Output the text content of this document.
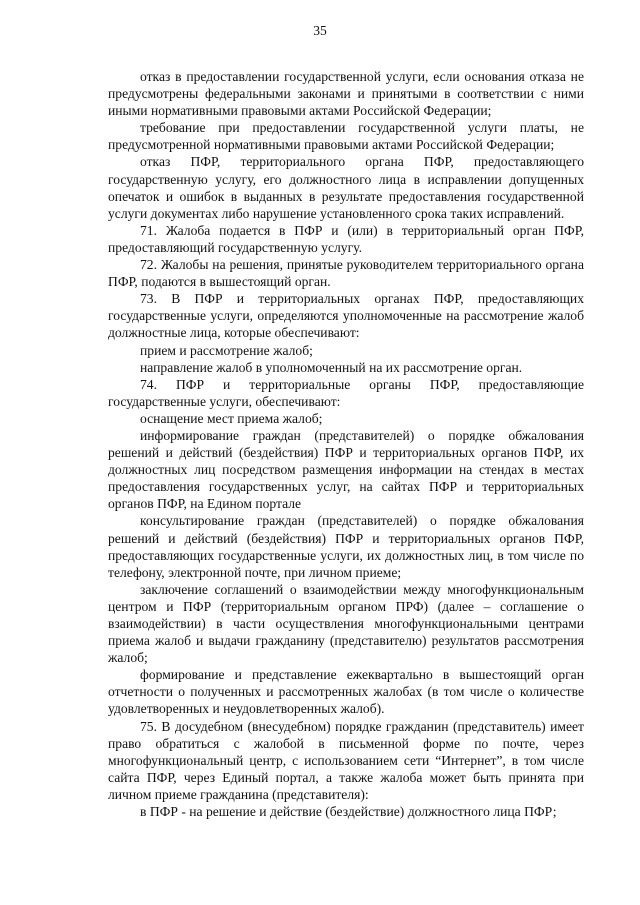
35

отказ в предоставлении государственной услуги, если основания отказа не предусмотрены федеральными законами и принятыми в соответствии с ними иными нормативными правовыми актами Российской Федерации;

требование при предоставлении государственной услуги платы, не предусмотренной нормативными правовыми актами Российской Федерации;

отказ ПФР, территориального органа ПФР, предоставляющего государственную услугу, его должностного лица в исправлении допущенных опечаток и ошибок в выданных в результате предоставления государственной услуги документах либо нарушение установленного срока таких исправлений.

71. Жалоба подается в ПФР и (или) в территориальный орган ПФР, предоставляющий государственную услугу.

72. Жалобы на решения, принятые руководителем территориального органа ПФР, подаются в вышестоящий орган.

73. В ПФР и территориальных органах ПФР, предоставляющих государственные услуги, определяются уполномоченные на рассмотрение жалоб должностные лица, которые обеспечивают:

прием и рассмотрение жалоб;

направление жалоб в уполномоченный на их рассмотрение орган.

74. ПФР и территориальные органы ПФР, предоставляющие государственные услуги, обеспечивают:

оснащение мест приема жалоб;

информирование граждан (представителей) о порядке обжалования решений и действий (бездействия) ПФР и территориальных органов ПФР, их должностных лиц посредством размещения информации на стендах в местах предоставления государственных услуг, на сайтах ПФР и территориальных органов ПФР, на Едином портале

консультирование граждан (представителей) о порядке обжалования решений и действий (бездействия) ПФР и территориальных органов ПФР, предоставляющих государственные услуги, их должностных лиц, в том числе по телефону, электронной почте, при личном приеме;

заключение соглашений о взаимодействии между многофункциональным центром и ПФР (территориальным органом ПРФ) (далее – соглашение о взаимодействии) в части осуществления многофункциональными центрами приема жалоб и выдачи гражданину (представителю) результатов рассмотрения жалоб;

формирование и представление ежеквартально в вышестоящий орган отчетности о полученных и рассмотренных жалобах (в том числе о количестве удовлетворенных и неудовлетворенных жалоб).

75. В досудебном (внесудебном) порядке гражданин (представитель) имеет право обратиться с жалобой в письменной форме по почте, через многофункциональный центр, с использованием сети “Интернет”, в том числе сайта ПФР, через Единый портал, а также жалоба может быть принята при личном приеме гражданина (представителя):

в ПФР - на решение и действие (бездействие) должностного лица ПФР;
